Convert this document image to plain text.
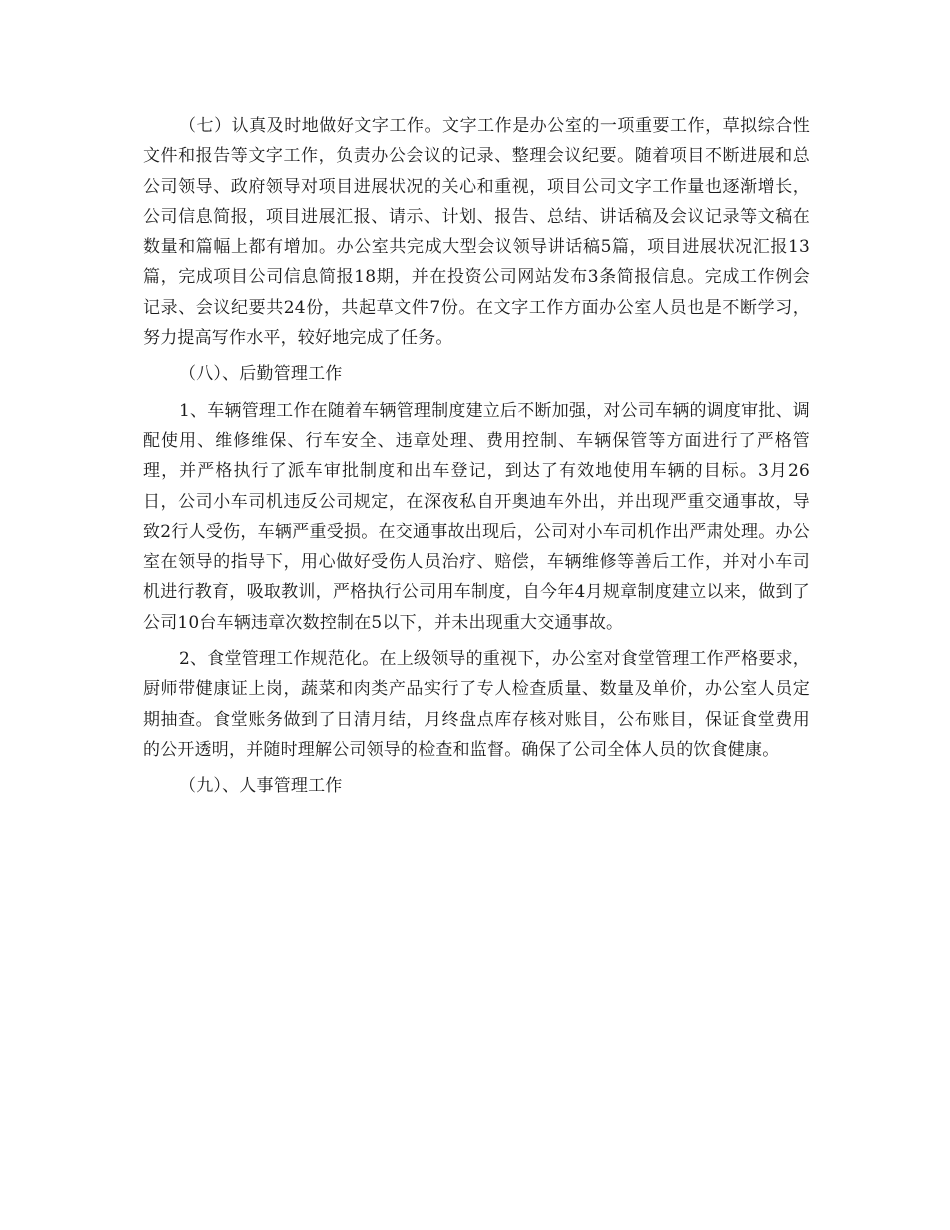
（七）认真及时地做好文字工作。文字工作是办公室的一项重要工作，草拟综合性文件和报告等文字工作，负责办公会议的记录、整理会议纪要。随着项目不断进展和总公司领导、政府领导对项目进展状况的关心和重视，项目公司文字工作量也逐渐增长，公司信息简报，项目进展汇报、请示、计划、报告、总结、讲话稿及会议记录等文稿在数量和篇幅上都有增加。办公室共完成大型会议领导讲话稿5篇，项目进展状况汇报13篇，完成项目公司信息简报18期，并在投资公司网站发布3条简报信息。完成工作例会记录、会议纪要共24份，共起草文件7份。在文字工作方面办公室人员也是不断学习，努力提高写作水平，较好地完成了任务。

（八）、后勤管理工作

1、车辆管理工作在随着车辆管理制度建立后不断加强，对公司车辆的调度审批、调配使用、维修维保、行车安全、违章处理、费用控制、车辆保管等方面进行了严格管理，并严格执行了派车审批制度和出车登记，到达了有效地使用车辆的目标。3月26日，公司小车司机违反公司规定，在深夜私自开奥迪车外出，并出现严重交通事故，导致2行人受伤，车辆严重受损。在交通事故出现后，公司对小车司机作出严肃处理。办公室在领导的指导下，用心做好受伤人员治疗、赔偿，车辆维修等善后工作，并对小车司机进行教育，吸取教训，严格执行公司用车制度，自今年4月规章制度建立以来，做到了公司10台车辆违章次数控制在5以下，并未出现重大交通事故。

2、食堂管理工作规范化。在上级领导的重视下，办公室对食堂管理工作严格要求，厨师带健康证上岗，蔬菜和肉类产品实行了专人检查质量、数量及单价，办公室人员定期抽查。食堂账务做到了日清月结，月终盘点库存核对账目，公布账目，保证食堂费用的公开透明，并随时理解公司领导的检查和监督。确保了公司全体人员的饮食健康。

（九）、人事管理工作
